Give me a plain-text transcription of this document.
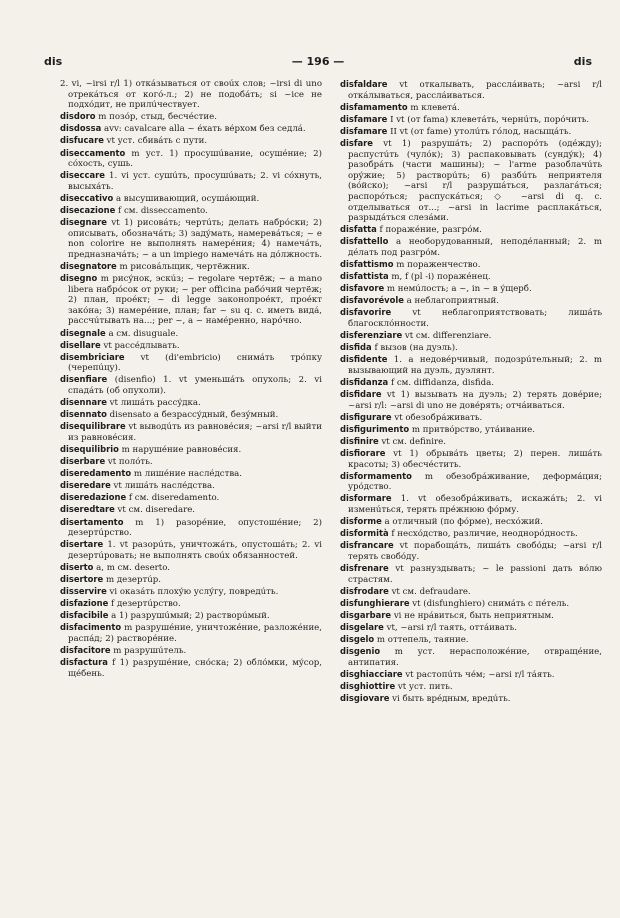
dis	— 196 —	dis

2. vi, ~irsi r/l 1) откáзываться от своúх слов; ~irsi di uno отрекáться от когó-л.; 2) не подобáть; si ~ice не подхóдит, не прилúчествует.

disdoro m позóр, стыд, бесчéстие.

disdossa avv: cavalcare alla ~ éхать вéрхом без седлá.

disfucare vt уст. сбивáть с пути.

diseccamento m уст. 1) просушúвание, осушéние; 2) сóхость, сушь.

diseccare 1. vi уст. сушúть, просушúвать; 2. vi сóхнуть, высыхáть.

diseccativo a высушивающий, осушáющий.

disecazione f см. disseccamento.

disegnare vt 1) рисовáть; чертúть; делать набрóски; 2) описывать, обозначáть; 3) задýмать, намеревáться; ~ e non colorire не выполнять намерéния; 4) намечáть, предназначáть; ~ a un impiego намечáть на дóлжность.

disegnatore m рисовáльщик, чертёжник.

disegno m рисýнок, эскúз; ~ regolare чертёж; ~ a mano libera набрóсок от руки; ~ per officina рабóчий чертёж; 2) план, проéкт; ~ di legge законопроéкт, проéкт закóна; 3) намерéние, план; far ~ su q. c. иметь видá, рассчúтывать на...; per ~, a ~ намéренно, нарóчно.

disegnale a см. disuguale.

disellare vt рассéдлывать.

disembriciare vt (di'embricio) снимáть трóпку (черепúцу).

disenfiare (disenfio) 1. vt уменьшáть опухоль; 2. vi спадáть (об опухоли).

disennare vt лишáть рассýдка.

disennato disensato a безрассýдный, безýмный.

disequilibrare vt выводúть из равновéсия; ~arsi r/l выйти из равновéсия.

disequilibrio m нарушéние равновéсия.

diserbare vt полóть.

diseredamento m лишéние наслéдства.

diseredare vt лишáть наслéдства.

diseredazione f см. diseredamento.

diseredtare vt см. diseredare.

disertamento m 1) разорéние, опустошéние; 2) дезертúрство.

disertare 1. vt разорúть, уничтожáть, опустошáть; 2. vi дезертúровать; не выполнять своúх обязанностей.

diserto a, m см. deserto.

disertore m дезертúр.

disservire vi оказáть плохýю услýгу, повредúть.

disfazione f дезертúрство.

disfacibile a 1) разрушúмый; 2) растворúмый.

disfacimento m разрушéние, уничтожéние, разложéние, распáд; 2) растворéние.

disfacitore m разрушúтель.

disfactura f 1) разрушéние, снóска; 2) облóмки, мýсор, щéбень.

disfaldare vt откалывать, расслáивать; ~arsi r/l откáлываться, расслáиваться.

disfamamento m клеветá.

disfamare I vt (от fama) клеветáть, чернúть, порóчить.

disfamare II vt (от fame) утолúть гóлод, насыщáть.

disfare vt 1) разрушáть; 2) распорóть (одéжду); распустúть (чулóк); 3) распаковывать (сундýк); 4) разобрáть (части машины); ~ l'arme разоблачúть орýжие; 5) растворúть; 6) разбúть неприятеля (вóйско); ~arsi r/l разрушáться, разлагáться; распорóться; распускáться; ◇ ~arsi di q. c. отделываться от...; ~arsi in lacrime расплакáться, разрыдáться слезáми.

disfatta f поражéние, разгрóм.

disfattello a необорудованный, неподéланный; 2. m дéлать под разгрóм.

disfattismo m пораженчество.

disfattista m, f (pl -i) поражéнец.

disfavore m немúлость; a ~, in ~ в ýщерб.

disfavorévole a неблагоприятный.

disfavorire vt неблагоприятствовать; лишáть благосклóнности.

disferenziare vt см. differenziare.

disfida f вызов (на дуэль).

disfidente 1. a недовéрчивый, подозрúтельный; 2. m вызывающий на дуэль, дуэлянт.

disfidanza f см. diffidanza, disfida.

disfidare vt 1) вызывать на дуэль; 2) терять довéрие; ~arsi r/l: ~arsi di uno не довéрять; отчáиваться.

disfigurare vt обезобрáживать.

disfigurimento m притвóрство, утáивание.

disfinire vt см. definire.

disfiorare vt 1) обрывáть цветы; 2) перен. лишáть красоты; 3) обесчéстить.

disformamento m обезобрáживание, деформáция; урóдство.

disformare 1. vt обезобрáживать, искажáть; 2. vi изменúться, терять прéжнюю фóрму.

disforme a отличный (по фóрме), несхóжий.

disformità f несхóдство, различие, неоднорóдность.

disfrancare vt порабощáть, лишáть свобóды; ~arsi r/l терять свобóду.

disfrenare vt разнуздывать; ~ le passioni дать вóлю страстям.

disfrodare vt см. defraudare.

disfunghierare vt (disfunghiero) снимáть с пéтель.

disgarbare vi не нрáвиться, быть неприятным.

disgelare vt, ~arsi r/l таять, оттáивать.

disgelo m оттепель, таяние.

disgenio m уст. нерасположéние, отвращéние, антипатия.

disghiacciare vt растопúть чéм; ~arsi r/l тáять.

disghiottire vt уст. пить.

disgiovare vi быть врéдным, вредúть.
